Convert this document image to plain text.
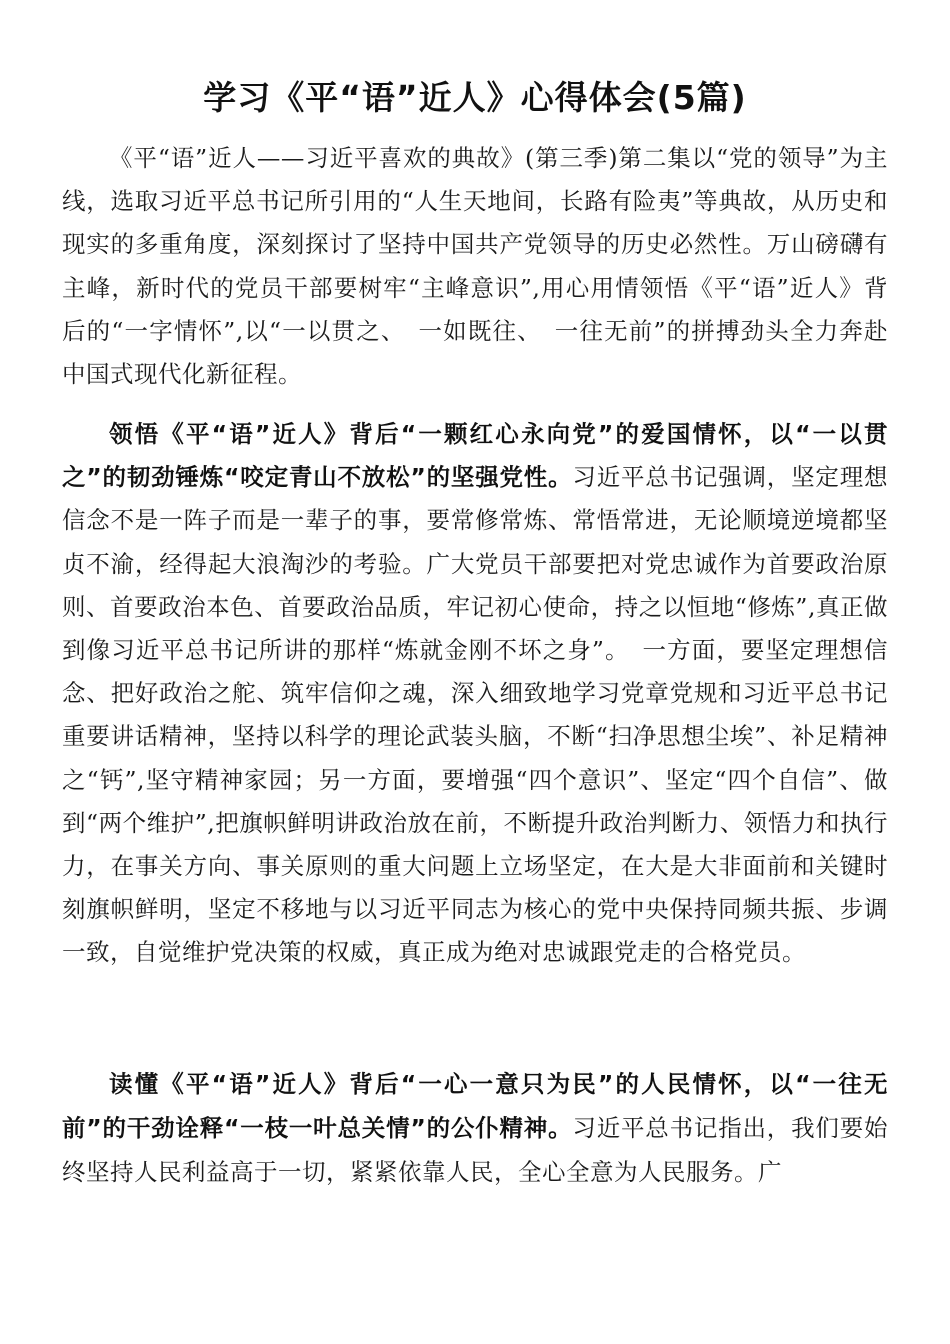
学习《平“语”近人》心得体会(5篇)

《平“语”近人——习近平喜欢的典故》(第三季)第二集以“党的领导”为主线，选取习近平总书记所引用的“人生天地间，长路有险夷”等典故，从历史和现实的多重角度，深刻探讨了坚持中国共产党领导的历史必然性。万山磅礴有主峰，新时代的党员干部要树牢“主峰意识”,用心用情领悟《平“语”近人》背后的“一字情怀”,以“一以贯之、　一如既往、　一往无前”的拼搏劲头全力奔赴中国式现代化新征程。

领悟《平“语”近人》背后“一颗红心永向党”的爱国情怀，以“一以贯之”的韧劲锤炼“咬定青山不放松”的坚强党性。习近平总书记强调，坚定理想信念不是一阵子而是一辈子的事，要常修常炼、常悟常进，无论顺境逆境都坚贞不渝，经得起大浪淘沙的考验。广大党员干部要把对党忠诚作为首要政治原则、首要政治本色、首要政治品质，牢记初心使命，持之以恒地“修炼”,真正做到像习近平总书记所讲的那样“炼就金刚不坏之身”。　一方面，要坚定理想信念、把好政治之舵、筑牢信仰之魂，深入细致地学习党章党规和习近平总书记重要讲话精神，坚持以科学的理论武装头脑，不断“扫净思想尘埃”、补足精神之“钙”,坚守精神家园；另一方面，要增强“四个意识”、坚定“四个自信”、做到“两个维护”,把旗帜鲜明讲政治放在前，不断提升政治判断力、领悟力和执行力，在事关方向、事关原则的重大问题上立场坚定，在大是大非面前和关键时刻旗帜鲜明，坚定不移地与以习近平同志为核心的党中央保持同频共振、步调一致，自觉维护党决策的权威，真正成为绝对忠诚跟党走的合格党员。

读懂《平“语”近人》背后“一心一意只为民”的人民情怀，以“一往无前”的干劲诠释“一枝一叶总关情”的公仆精神。习近平总书记指出，我们要始终坚持人民利益高于一切，紧紧依靠人民，全心全意为人民服务。广
